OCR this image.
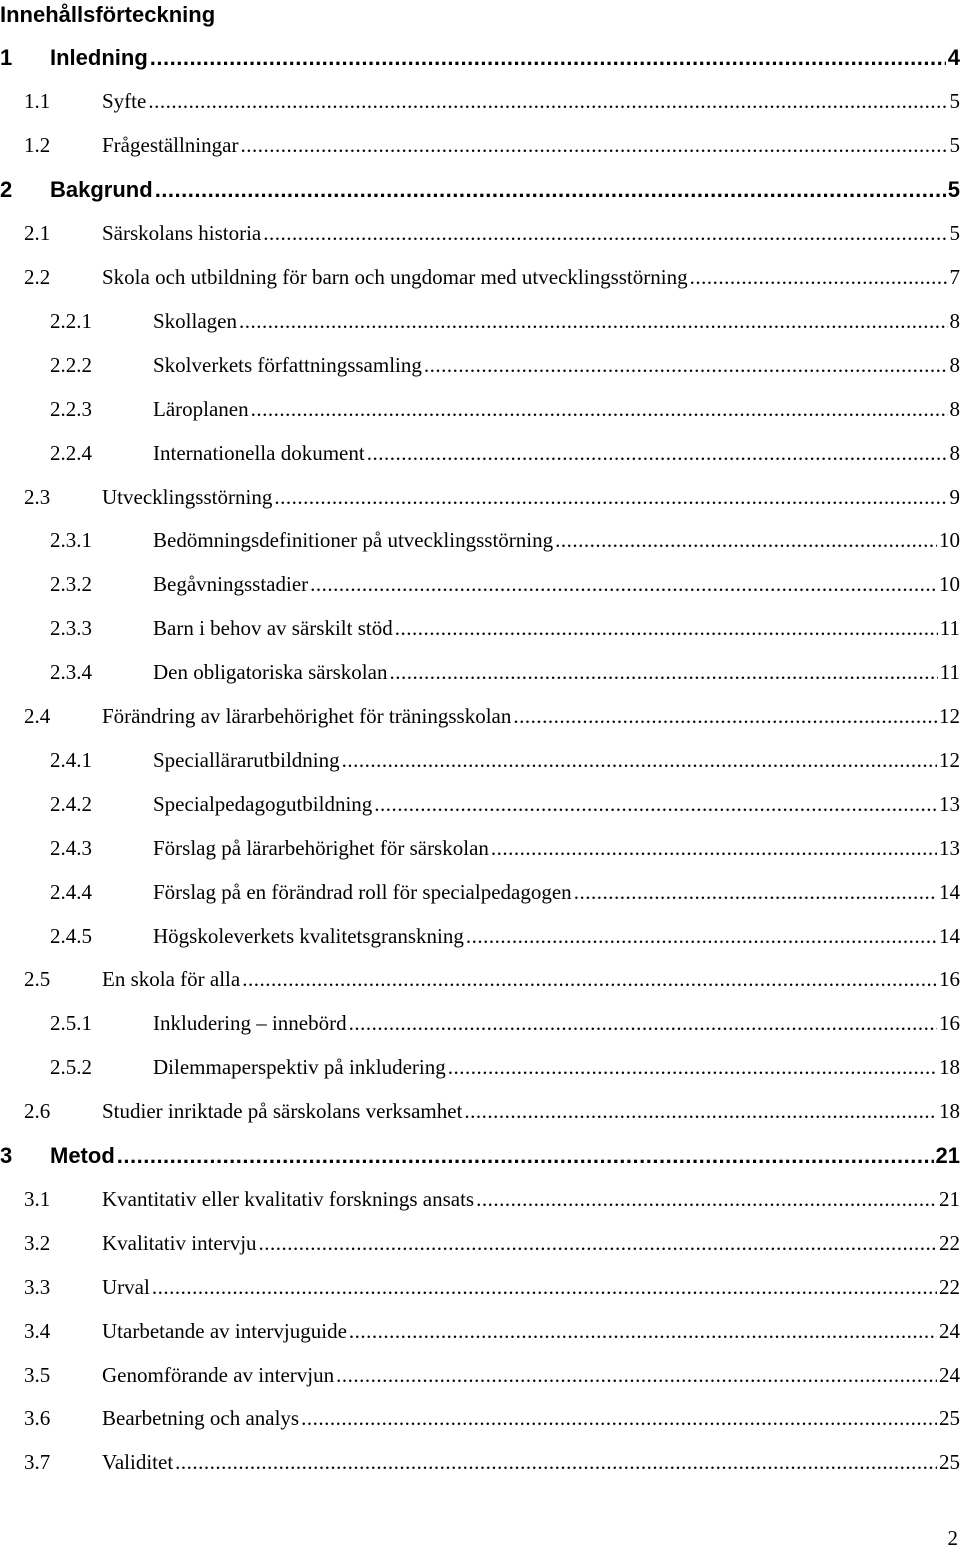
Innehållsförteckning
1	Inledning .....	4
1.1	Syfte .....	5
1.2	Frågeställningar .....	5
2	Bakgrund .....	5
2.1	Särskolans historia .....	5
2.2	Skola och utbildning för barn och ungdomar med utvecklingsstörning .....	7
2.2.1	Skollagen .....	8
2.2.2	Skolverkets författningssamling .....	8
2.2.3	Läroplanen .....	8
2.2.4	Internationella dokument .....	8
2.3	Utvecklingsstörning .....	9
2.3.1	Bedömningsdefinitioner på utvecklingsstörning .....	10
2.3.2	Begåvningsstadier .....	10
2.3.3	Barn i behov av särskilt stöd .....	11
2.3.4	Den obligatoriska särskolan .....	11
2.4	Förändring av lärarbehörighet för träningsskolan .....	12
2.4.1	Speciallärarutbildning .....	12
2.4.2	Specialpedagogutbildning .....	13
2.4.3	Förslag på lärarbehörighet för särskolan .....	13
2.4.4	Förslag på en förändrad roll för specialpedagogen .....	14
2.4.5	Högskoleverkets kvalitetsgranskning .....	14
2.5	En skola för alla .....	16
2.5.1	Inkludering – innebörd .....	16
2.5.2	Dilemmaperspektiv på inkludering .....	18
2.6	Studier inriktade på särskolans verksamhet .....	18
3	Metod .....	21
3.1	Kvantitativ eller kvalitativ forsknings ansats .....	21
3.2	Kvalitativ intervju .....	22
3.3	Urval .....	22
3.4	Utarbetande av intervjuguide .....	24
3.5	Genomförande av intervjun .....	24
3.6	Bearbetning och analys .....	25
3.7	Validitet .....	25
2
